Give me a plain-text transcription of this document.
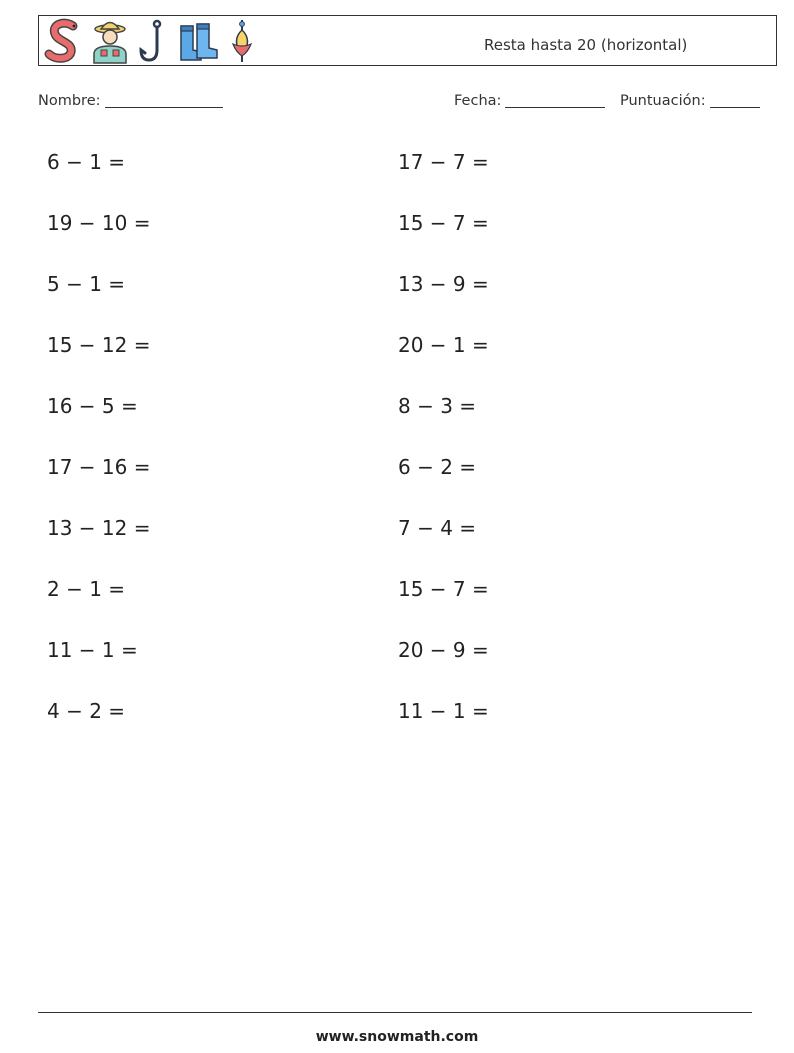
Resta hasta 20 (horizontal)
Nombre:	Fecha:	Puntuación:
6 − 1 =
19 − 10 =
5 − 1 =
15 − 12 =
16 − 5 =
17 − 16 =
13 − 12 =
2 − 1 =
11 − 1 =
4 − 2 =
17 − 7 =
15 − 7 =
13 − 9 =
20 − 1 =
8 − 3 =
6 − 2 =
7 − 4 =
15 − 7 =
20 − 9 =
11 − 1 =
www.snowmath.com
